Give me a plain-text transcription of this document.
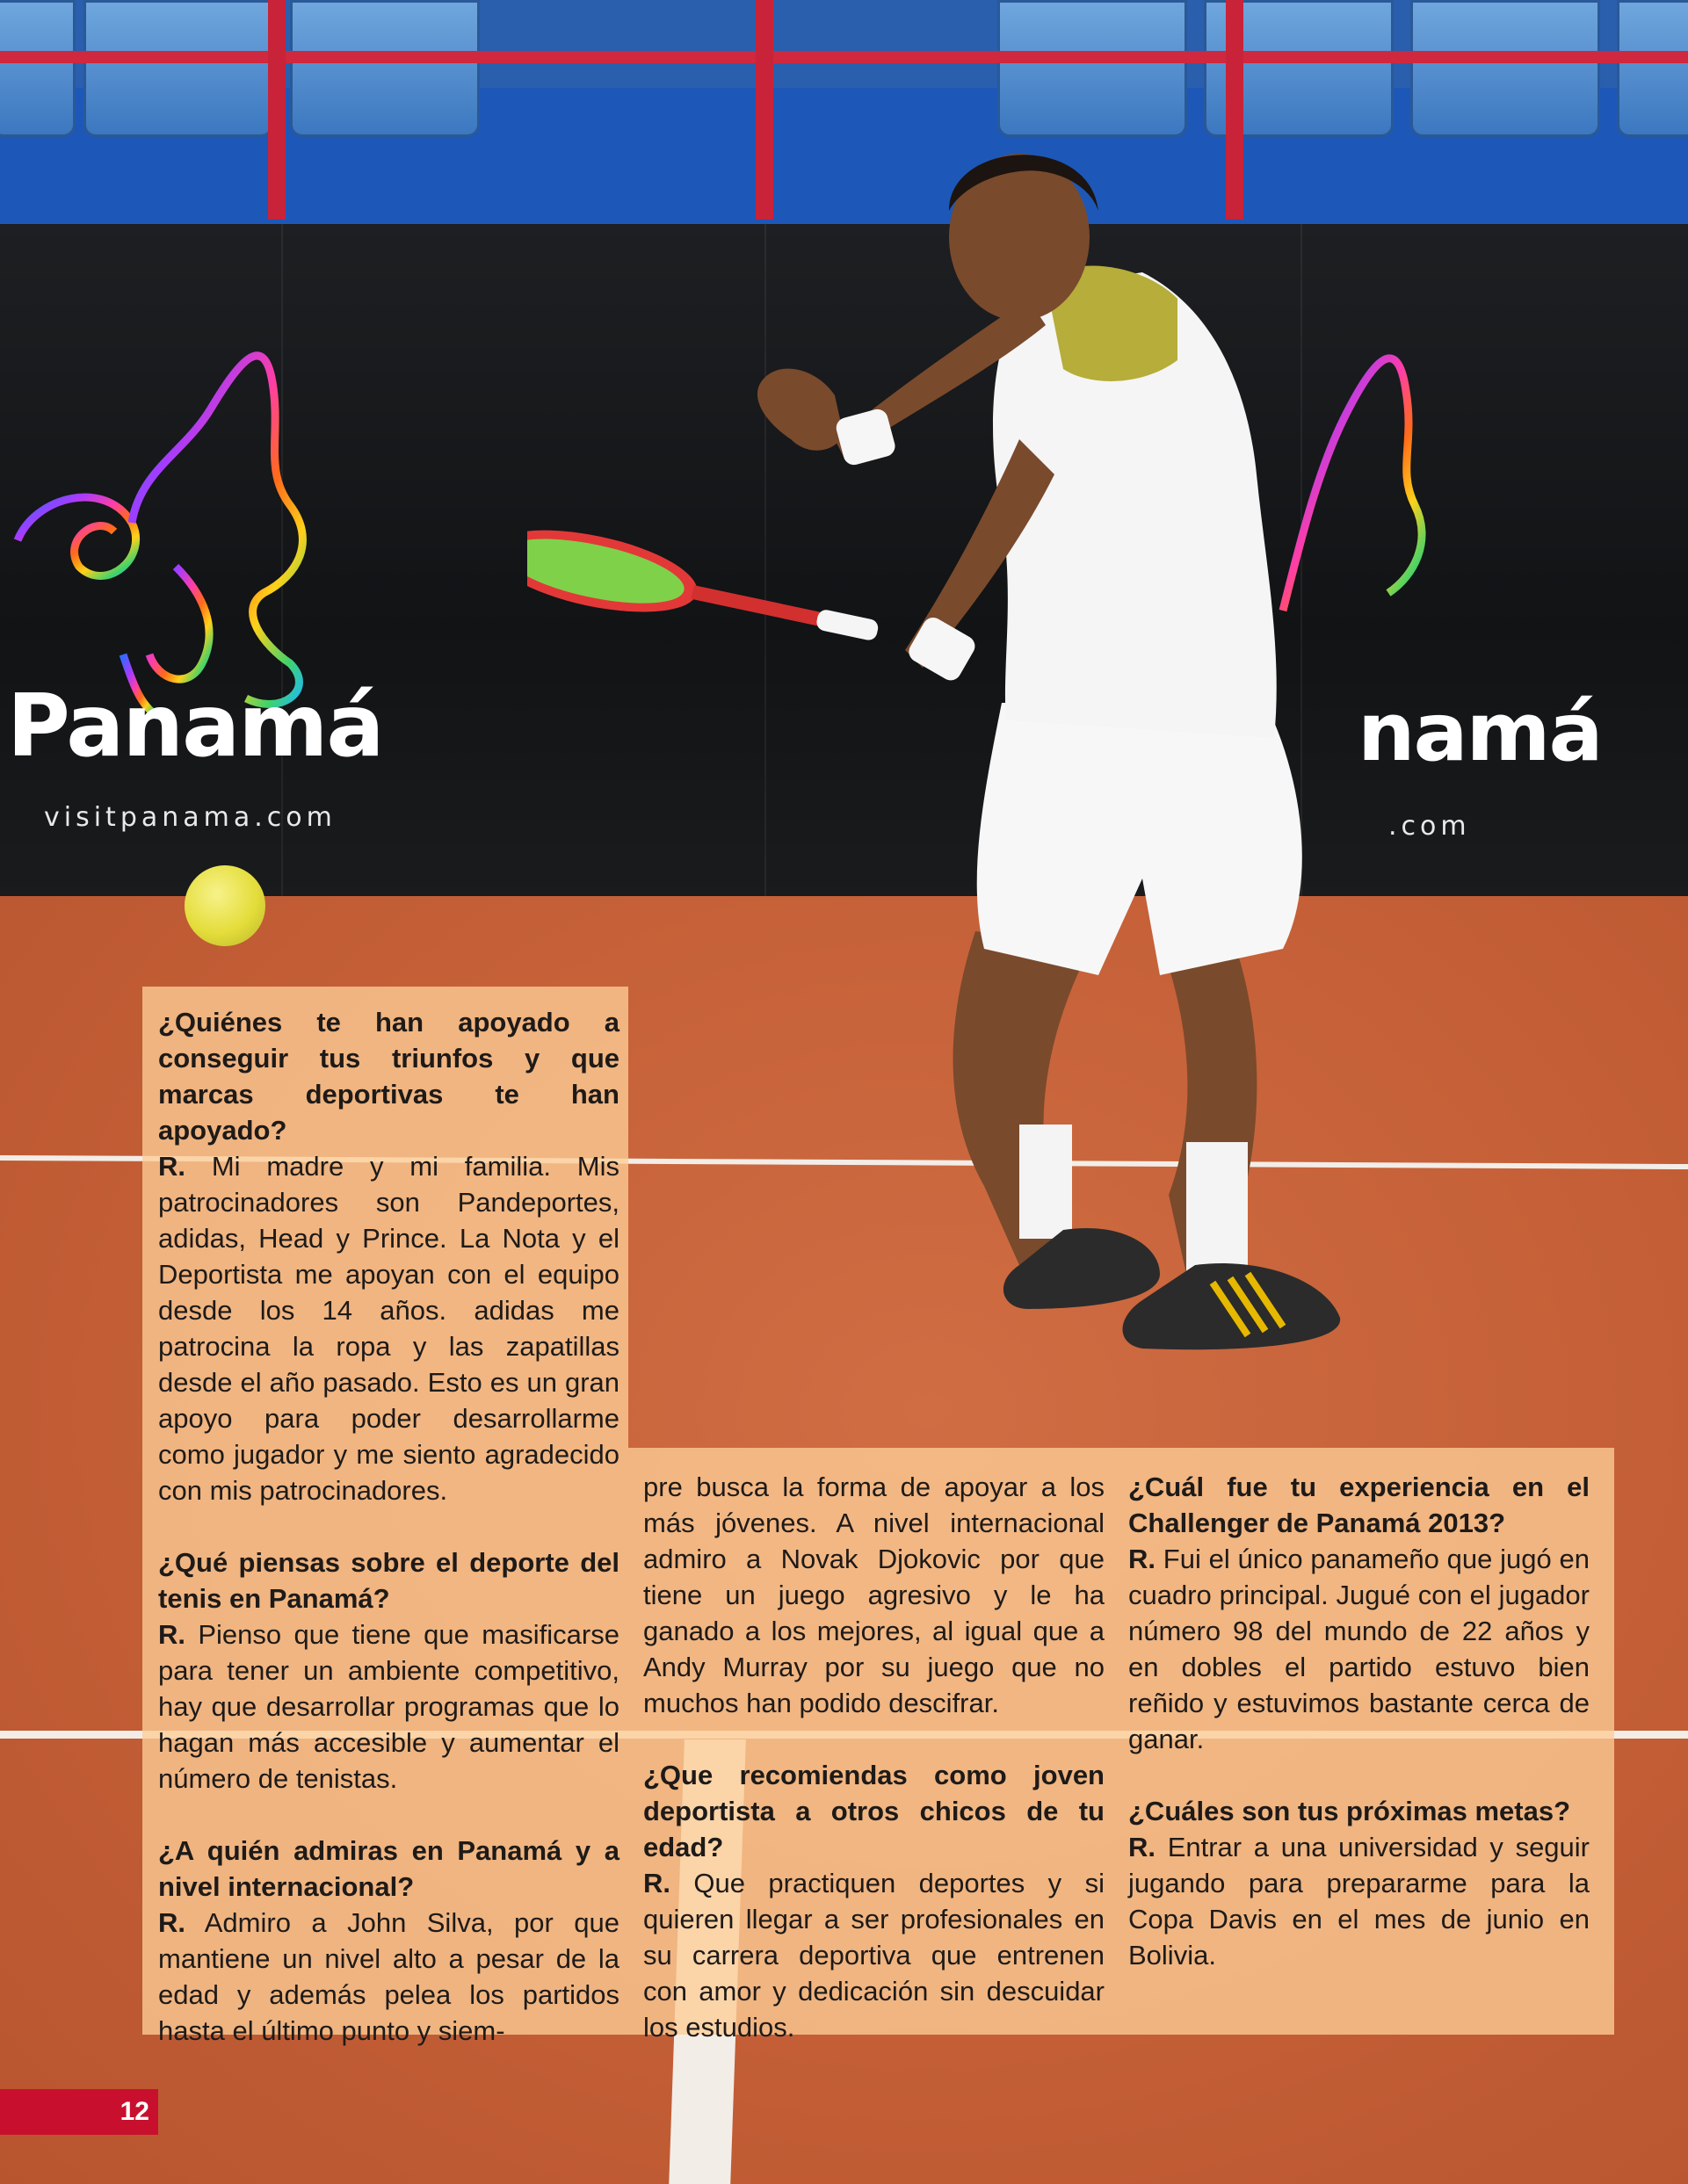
Panamá
visitpanama.com
namá
.com

¿Quiénes te han apoyado a conseguir tus triunfos y que marcas deportivas te han apoyado?

R. Mi madre y mi familia. Mis patrocinadores son Pandeportes, adidas, Head y Prince. La Nota y el Deportista me apoyan con el equipo desde los 14 años. adidas me patrocina la ropa y las zapatillas desde el año pasado. Esto es un gran apoyo para poder desarrollarme como jugador y me siento agradecido con mis patrocinadores.

¿Qué piensas sobre el deporte del tenis en Panamá?

R. Pienso que tiene que masificarse para tener un ambiente competitivo, hay que desarrollar programas que lo hagan más accesible y aumentar el número de tenistas.

¿A quién admiras en Panamá y a nivel internacional?

R. Admiro a John Silva, por que mantiene un nivel alto a pesar de la edad y además pelea los partidos hasta el último punto y siem-

pre busca la forma de apoyar a los más jóvenes. A nivel internacional admiro a Novak Djokovic por que tiene un juego agresivo y le ha ganado a los mejores, al igual que a Andy Murray por su juego que no muchos han podido descifrar.

¿Que recomiendas como joven deportista a otros chicos de tu edad?

R. Que practiquen deportes y si quieren llegar a ser profesionales en su carrera deportiva que entrenen con amor y dedicación sin descuidar los estudios.

¿Cuál fue tu experiencia en el Challenger de Panamá 2013?

R. Fui el único panameño que jugó en cuadro principal. Jugué con el jugador número 98 del mundo de 22 años y en dobles el partido estuvo bien reñido y estuvimos bastante cerca de ganar.

¿Cuáles son tus próximas metas?

R. Entrar a una universidad y seguir jugando para prepararme para la Copa Davis en el mes de junio en Bolivia.

12
